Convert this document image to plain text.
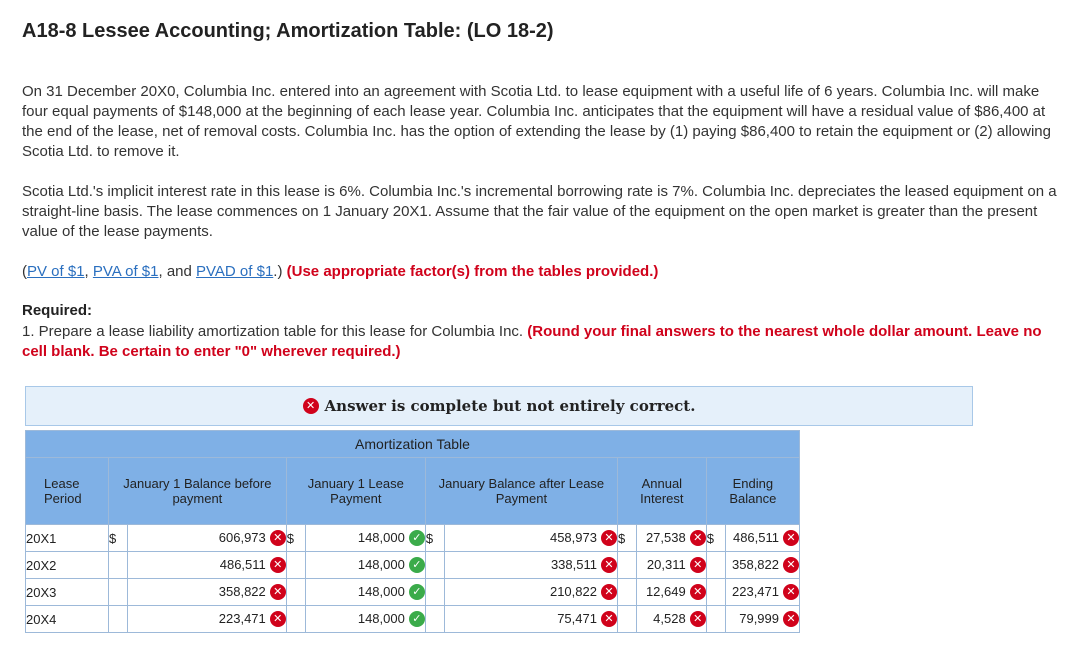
A18-8 Lessee Accounting; Amortization Table: (LO 18-2)
On 31 December 20X0, Columbia Inc. entered into an agreement with Scotia Ltd. to lease equipment with a useful life of 6 years. Columbia Inc. will make four equal payments of $148,000 at the beginning of each lease year. Columbia Inc. anticipates that the equipment will have a residual value of $86,400 at the end of the lease, net of removal costs. Columbia Inc. has the option of extending the lease by (1) paying $86,400 to retain the equipment or (2) allowing Scotia Ltd. to remove it.
Scotia Ltd.'s implicit interest rate in this lease is 6%. Columbia Inc.'s incremental borrowing rate is 7%. Columbia Inc. depreciates the leased equipment on a straight-line basis. The lease commences on 1 January 20X1. Assume that the fair value of the equipment on the open market is greater than the present value of the lease payments.
(PV of $1, PVA of $1, and PVAD of $1.) (Use appropriate factor(s) from the tables provided.)
Required:
1. Prepare a lease liability amortization table for this lease for Columbia Inc. (Round your final answers to the nearest whole dollar amount. Leave no cell blank. Be certain to enter "0" wherever required.)
✕ Answer is complete but not entirely correct.
Amortization Table										
Lease Period	January 1 Balance before payment		January 1 Lease Payment		January Balance after Lease Payment		Annual Interest		Ending Balance	
20X1	$	606,973 ✕	$	148,000 ✓	$	458,973 ✕	$	27,538 ✕	$	486,511 ✕
20X2		486,511 ✕		148,000 ✓		338,511 ✕		20,311 ✕		358,822 ✕
20X3		358,822 ✕		148,000 ✓		210,822 ✕		12,649 ✕		223,471 ✕
20X4		223,471 ✕		148,000 ✓		75,471 ✕		4,528 ✕		79,999 ✕
